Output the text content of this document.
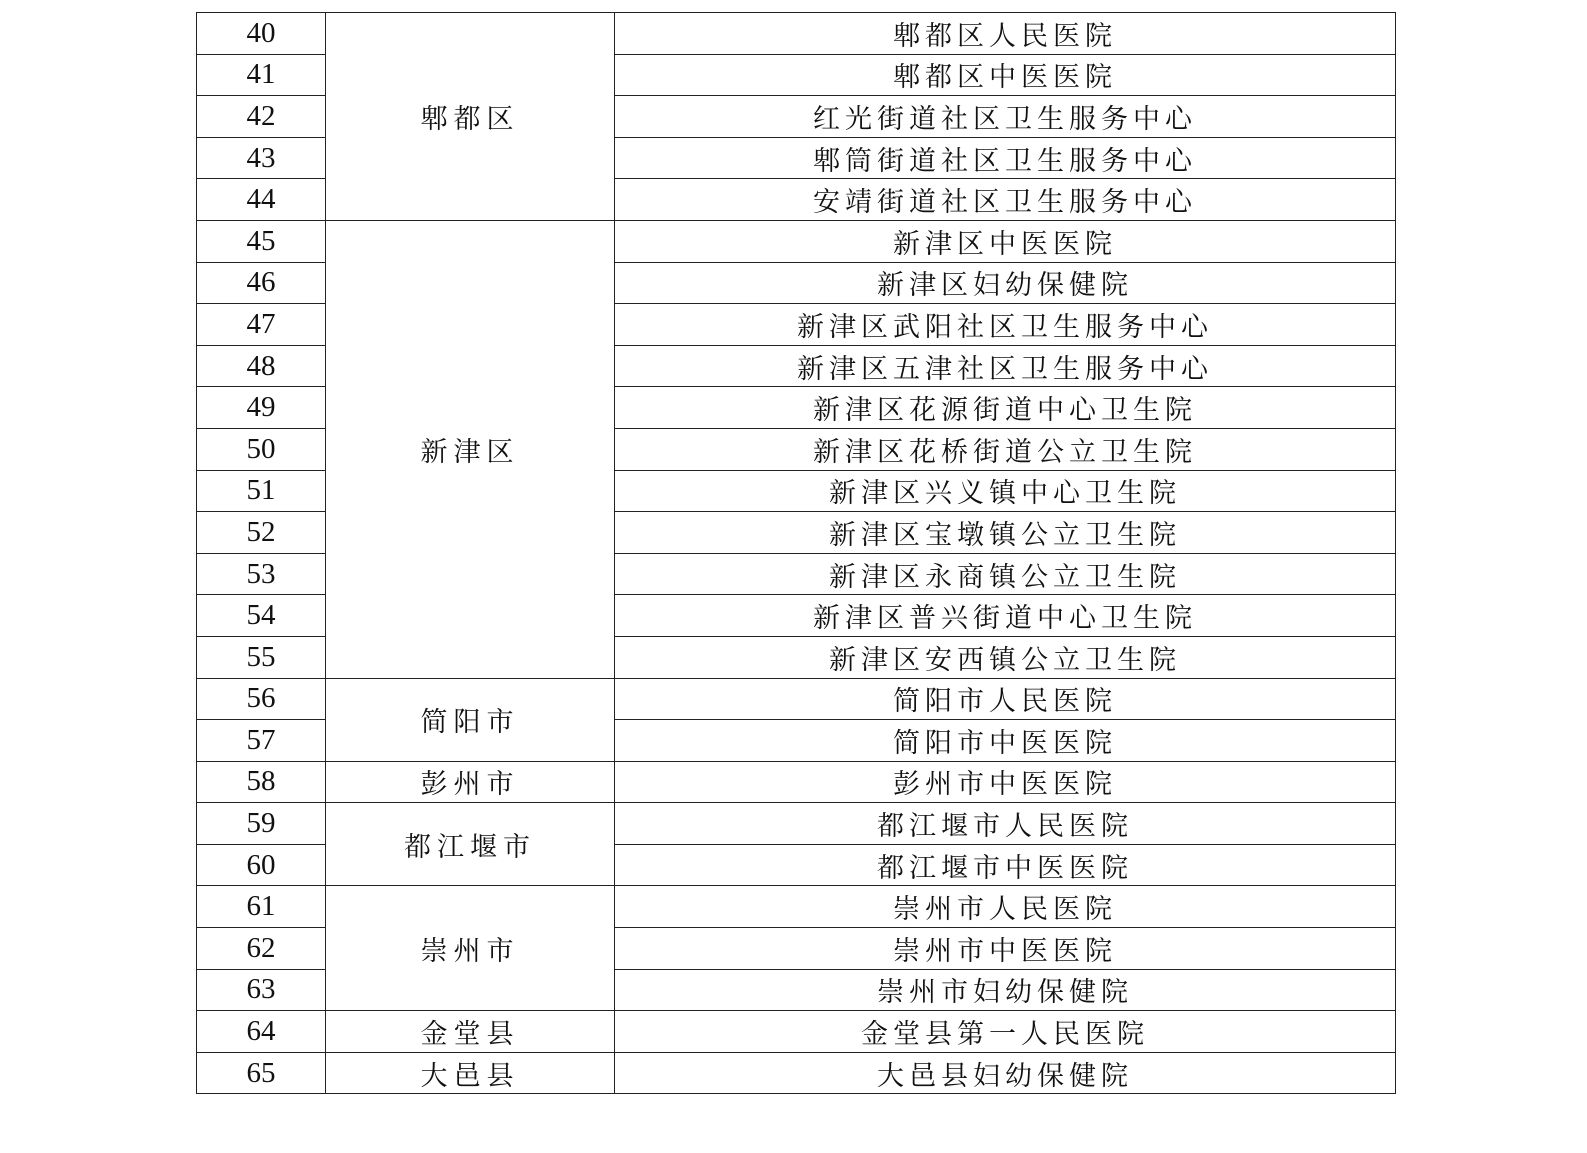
40	郫都区	郫都区人民医院
41		郫都区中医医院
42		红光街道社区卫生服务中心
43		郫筒街道社区卫生服务中心
44		安靖街道社区卫生服务中心
45	新津区	新津区中医医院
46		新津区妇幼保健院
47		新津区武阳社区卫生服务中心
48		新津区五津社区卫生服务中心
49		新津区花源街道中心卫生院
50		新津区花桥街道公立卫生院
51		新津区兴义镇中心卫生院
52		新津区宝墩镇公立卫生院
53		新津区永商镇公立卫生院
54		新津区普兴街道中心卫生院
55		新津区安西镇公立卫生院
56	简阳市	简阳市人民医院
57		简阳市中医医院
58	彭州市	彭州市中医医院
59	都江堰市	都江堰市人民医院
60		都江堰市中医医院
61	崇州市	崇州市人民医院
62		崇州市中医医院
63		崇州市妇幼保健院
64	金堂县	金堂县第一人民医院
65	大邑县	大邑县妇幼保健院
